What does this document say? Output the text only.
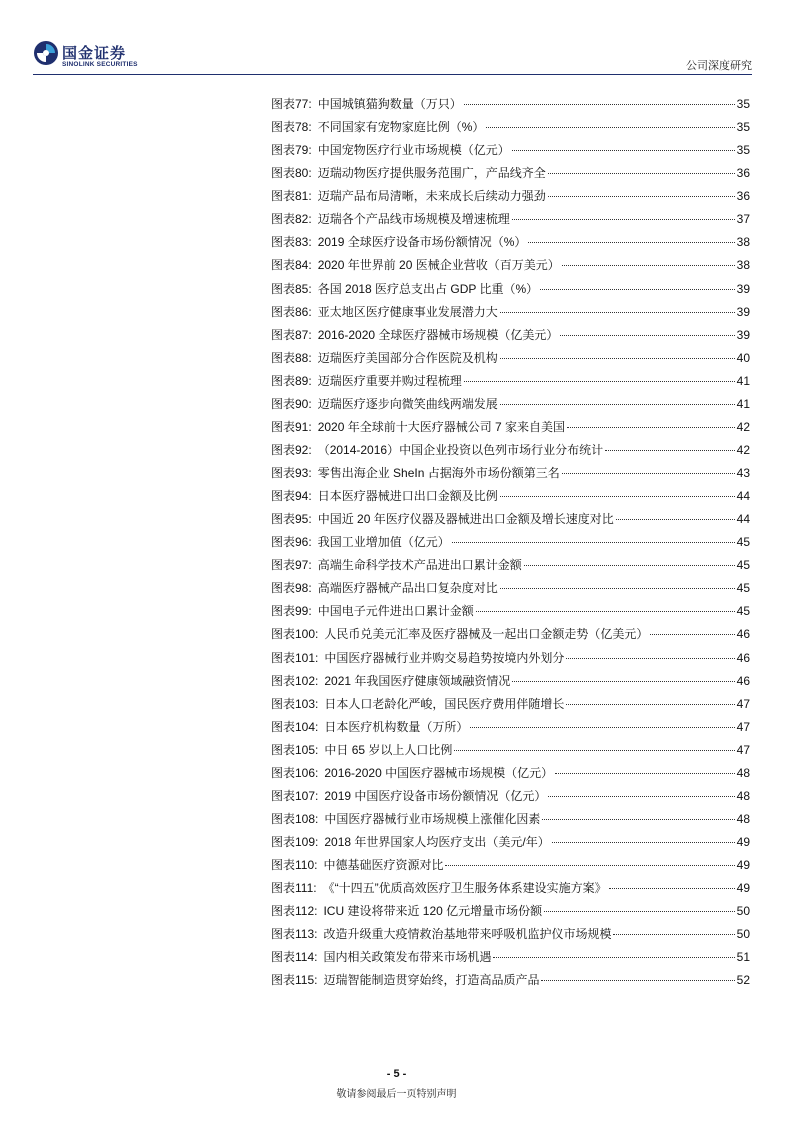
国金证券
SINOLINK SECURITIES	公司深度研究
图表77: 中国城镇猫狗数量（万只）	35
图表78: 不同国家有宠物家庭比例（%）	35
图表79: 中国宠物医疗行业市场规模（亿元）	35
图表80: 迈瑞动物医疗提供服务范围广，产品线齐全	36
图表81: 迈瑞产品布局清晰，未来成长后续动力强劲	36
图表82: 迈瑞各个产品线市场规模及增速梳理	37
图表83: 2019 全球医疗设备市场份额情况（%）	38
图表84: 2020 年世界前 20 医械企业营收（百万美元）	38
图表85: 各国 2018 医疗总支出占 GDP 比重（%）	39
图表86: 亚太地区医疗健康事业发展潜力大	39
图表87: 2016-2020 全球医疗器械市场规模（亿美元）	39
图表88: 迈瑞医疗美国部分合作医院及机构	40
图表89: 迈瑞医疗重要并购过程梳理	41
图表90: 迈瑞医疗逐步向微笑曲线两端发展	41
图表91: 2020 年全球前十大医疗器械公司 7 家来自美国	42
图表92: （2014-2016）中国企业投资以色列市场行业分布统计	42
图表93: 零售出海企业 SheIn 占据海外市场份额第三名	43
图表94: 日本医疗器械进口出口金额及比例	44
图表95: 中国近 20 年医疗仪器及器械进出口金额及增长速度对比	44
图表96: 我国工业增加值（亿元）	45
图表97: 高端生命科学技术产品进出口累计金额	45
图表98: 高端医疗器械产品出口复杂度对比	45
图表99: 中国电子元件进出口累计金额	45
图表100: 人民币兑美元汇率及医疗器械及一起出口金额走势（亿美元）	46
图表101: 中国医疗器械行业并购交易趋势按境内外划分	46
图表102: 2021 年我国医疗健康领域融资情况	46
图表103: 日本人口老龄化严峻，国民医疗费用伴随增长	47
图表104: 日本医疗机构数量（万所）	47
图表105: 中日 65 岁以上人口比例	47
图表106: 2016-2020 中国医疗器械市场规模（亿元）	48
图表107: 2019 中国医疗设备市场份额情况（亿元）	48
图表108: 中国医疗器械行业市场规模上涨催化因素	48
图表109: 2018 年世界国家人均医疗支出（美元/年）	49
图表110: 中德基础医疗资源对比	49
图表111: 《“十四五”优质高效医疗卫生服务体系建设实施方案》	49
图表112: ICU 建设将带来近 120 亿元增量市场份额	50
图表113: 改造升级重大疫情救治基地带来呼吸机监护仪市场规模	50
图表114: 国内相关政策发布带来市场机遇	51
图表115: 迈瑞智能制造贯穿始终，打造高品质产品	52
- 5 -
敬请参阅最后一页特别声明
